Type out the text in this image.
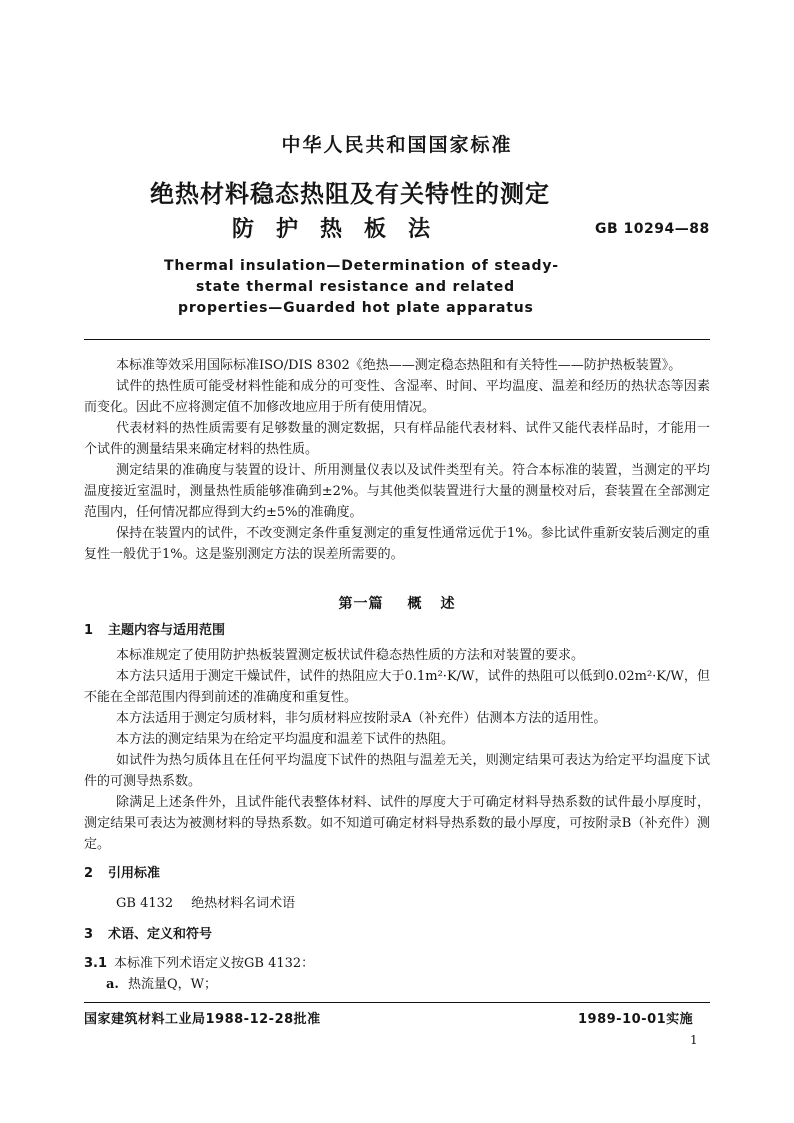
中华人民共和国国家标准
绝热材料稳态热阻及有关特性的测定
防护热板法	GB 10294—88
Thermal insulation—Determination of steady-
state thermal resistance and related
properties—Guarded hot plate apparatus

本标准等效采用国际标准ISO/DIS 8302《绝热——测定稳态热阻和有关特性——防护热板装置》。

试件的热性质可能受材料性能和成分的可变性、含湿率、时间、平均温度、温差和经历的热状态等因素而变化。因此不应将测定值不加修改地应用于所有使用情况。

代表材料的热性质需要有足够数量的测定数据，只有样品能代表材料、试件又能代表样品时，才能用一个试件的测量结果来确定材料的热性质。

测定结果的准确度与装置的设计、所用测量仪表以及试件类型有关。符合本标准的装置，当测定的平均温度接近室温时，测量热性质能够准确到±2%。与其他类似装置进行大量的测量校对后，套装置在全部测定范围内，任何情况都应得到大约±5%的准确度。

保持在装置内的试件，不改变测定条件重复测定的重复性通常远优于1%。参比试件重新安装后测定的重复性一般优于1%。这是鉴别测定方法的误差所需要的。

第一篇 概 述
1 主题内容与适用范围

本标准规定了使用防护热板装置测定板状试件稳态热性质的方法和对装置的要求。

本方法只适用于测定干燥试件，试件的热阻应大于0.1m²·K/W，试件的热阻可以低到0.02m²·K/W，但不能在全部范围内得到前述的准确度和重复性。

本方法适用于测定匀质材料，非匀质材料应按附录A（补充件）估测本方法的适用性。

本方法的测定结果为在给定平均温度和温差下试件的热阻。

如试件为热匀质体且在任何平均温度下试件的热阻与温差无关，则测定结果可表达为给定平均温度下试件的可测导热系数。

除满足上述条件外，且试件能代表整体材料、试件的厚度大于可确定材料导热系数的试件最小厚度时，测定结果可表达为被测材料的导热系数。如不知道可确定材料导热系数的最小厚度，可按附录B（补充件）测定。

2 引用标准
GB 4132 绝热材料名词术语
3 术语、定义和符号
3.1 本标准下列术语定义按GB 4132：
a. 热流量Q，W；
国家建筑材料工业局1988-12-28批准	1989-10-01实施
1
